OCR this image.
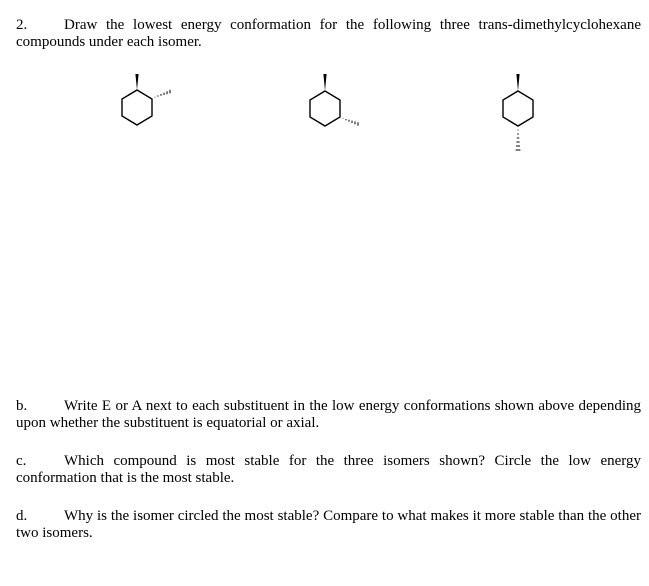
2. Draw the lowest energy conformation for the following three trans-dimethylcyclohexane compounds under each isomer.
b. Write E or A next to each substituent in the low energy conformations shown above depending upon whether the substituent is equatorial or axial.
c.	Which compound is most stable for the three isomers shown? Circle the low energy conformation that is the most stable.
d. Why is the isomer circled the most stable? Compare to what makes it more stable than the other two isomers.
